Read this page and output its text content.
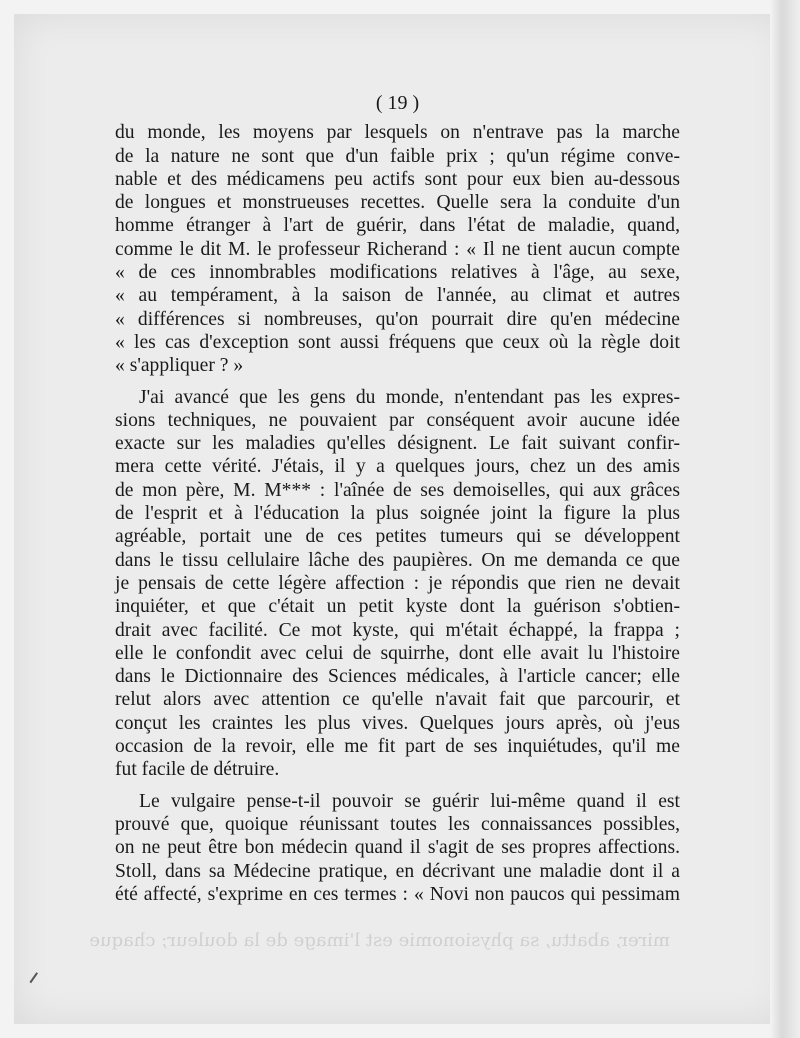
( 19 )
du monde, les moyens par lesquels on n'entrave pas la marche
de la nature ne sont que d'un faible prix ; qu'un régime conve-
nable et des médicamens peu actifs sont pour eux bien au-dessous
de longues et monstrueuses recettes. Quelle sera la conduite d'un
homme étranger à l'art de guérir, dans l'état de maladie, quand,
comme le dit M. le professeur Richerand : « Il ne tient aucun compte
« de ces innombrables modifications relatives à l'âge, au sexe,
« au tempérament, à la saison de l'année, au climat et autres
« différences si nombreuses, qu'on pourrait dire qu'en médecine
« les cas d'exception sont aussi fréquens que ceux où la règle doit
« s'appliquer ? »
J'ai avancé que les gens du monde, n'entendant pas les expres-
sions techniques, ne pouvaient par conséquent avoir aucune idée
exacte sur les maladies qu'elles désignent. Le fait suivant confir-
mera cette vérité. J'étais, il y a quelques jours, chez un des amis
de mon père, M. M*** : l'aînée de ses demoiselles, qui aux grâces
de l'esprit et à l'éducation la plus soignée joint la figure la plus
agréable, portait une de ces petites tumeurs qui se développent
dans le tissu cellulaire lâche des paupières. On me demanda ce que
je pensais de cette légère affection : je répondis que rien ne devait
inquiéter, et que c'était un petit kyste dont la guérison s'obtien-
drait avec facilité. Ce mot kyste, qui m'était échappé, la frappa ;
elle le confondit avec celui de squirrhe, dont elle avait lu l'histoire
dans le Dictionnaire des Sciences médicales, à l'article cancer; elle
relut alors avec attention ce qu'elle n'avait fait que parcourir, et
conçut les craintes les plus vives. Quelques jours après, où j'eus
occasion de la revoir, elle me fit part de ses inquiétudes, qu'il me
fut facile de détruire.
Le vulgaire pense-t-il pouvoir se guérir lui-même quand il est
prouvé que, quoique réunissant toutes les connaissances possibles,
on ne peut être bon médecin quand il s'agit de ses propres affections.
Stoll, dans sa Médecine pratique, en décrivant une maladie dont il a
été affecté, s'exprime en ces termes : « Novi non paucos qui pessimam
mirer, abattu, sa physionomie est l'image de la douleur; chaque
